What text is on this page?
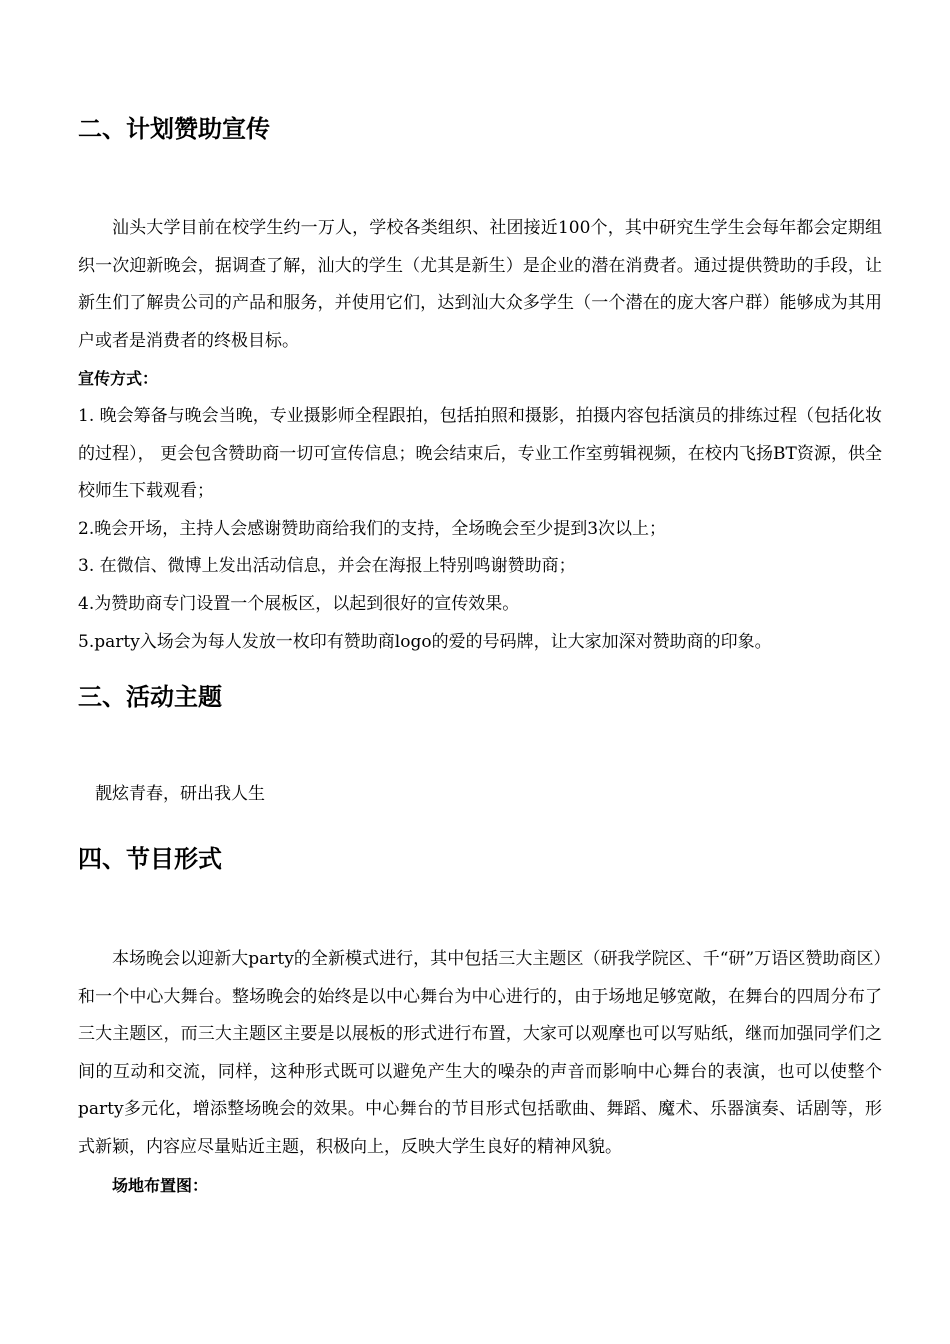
二、计划赞助宣传

汕头大学目前在校学生约一万人，学校各类组织、社团接近100个，其中研究生学生会每年都会定期组织一次迎新晚会，据调查了解，汕大的学生（尤其是新生）是企业的潜在消费者。通过提供赞助的手段，让新生们了解贵公司的产品和服务，并使用它们，达到汕大众多学生（一个潜在的庞大客户群）能够成为其用户或者是消费者的终极目标。

宣传方式：

1. 晚会筹备与晚会当晚，专业摄影师全程跟拍，包括拍照和摄影，拍摄内容包括演员的排练过程（包括化妆的过程）， 更会包含赞助商一切可宣传信息；晚会结束后，专业工作室剪辑视频，在校内飞扬BT资源，供全校师生下载观看；

2.晚会开场，主持人会感谢赞助商给我们的支持，全场晚会至少提到3次以上；

3. 在微信、微博上发出活动信息，并会在海报上特别鸣谢赞助商；

4.为赞助商专门设置一个展板区，以起到很好的宣传效果。

5.party入场会为每人发放一枚印有赞助商logo的爱的号码牌，让大家加深对赞助商的印象。

三、活动主题

靓炫青春，研出我人生

四、节目形式

本场晚会以迎新大party的全新模式进行，其中包括三大主题区（研我学院区、千“研”万语区赞助商区）和一个中心大舞台。整场晚会的始终是以中心舞台为中心进行的，由于场地足够宽敞，在舞台的四周分布了三大主题区，而三大主题区主要是以展板的形式进行布置，大家可以观摩也可以写贴纸，继而加强同学们之间的互动和交流，同样，这种形式既可以避免产生大的噪杂的声音而影响中心舞台的表演，也可以使整个party多元化，增添整场晚会的效果。中心舞台的节目形式包括歌曲、舞蹈、魔术、乐器演奏、话剧等，形式新颖，内容应尽量贴近主题，积极向上，反映大学生良好的精神风貌。

场地布置图：
